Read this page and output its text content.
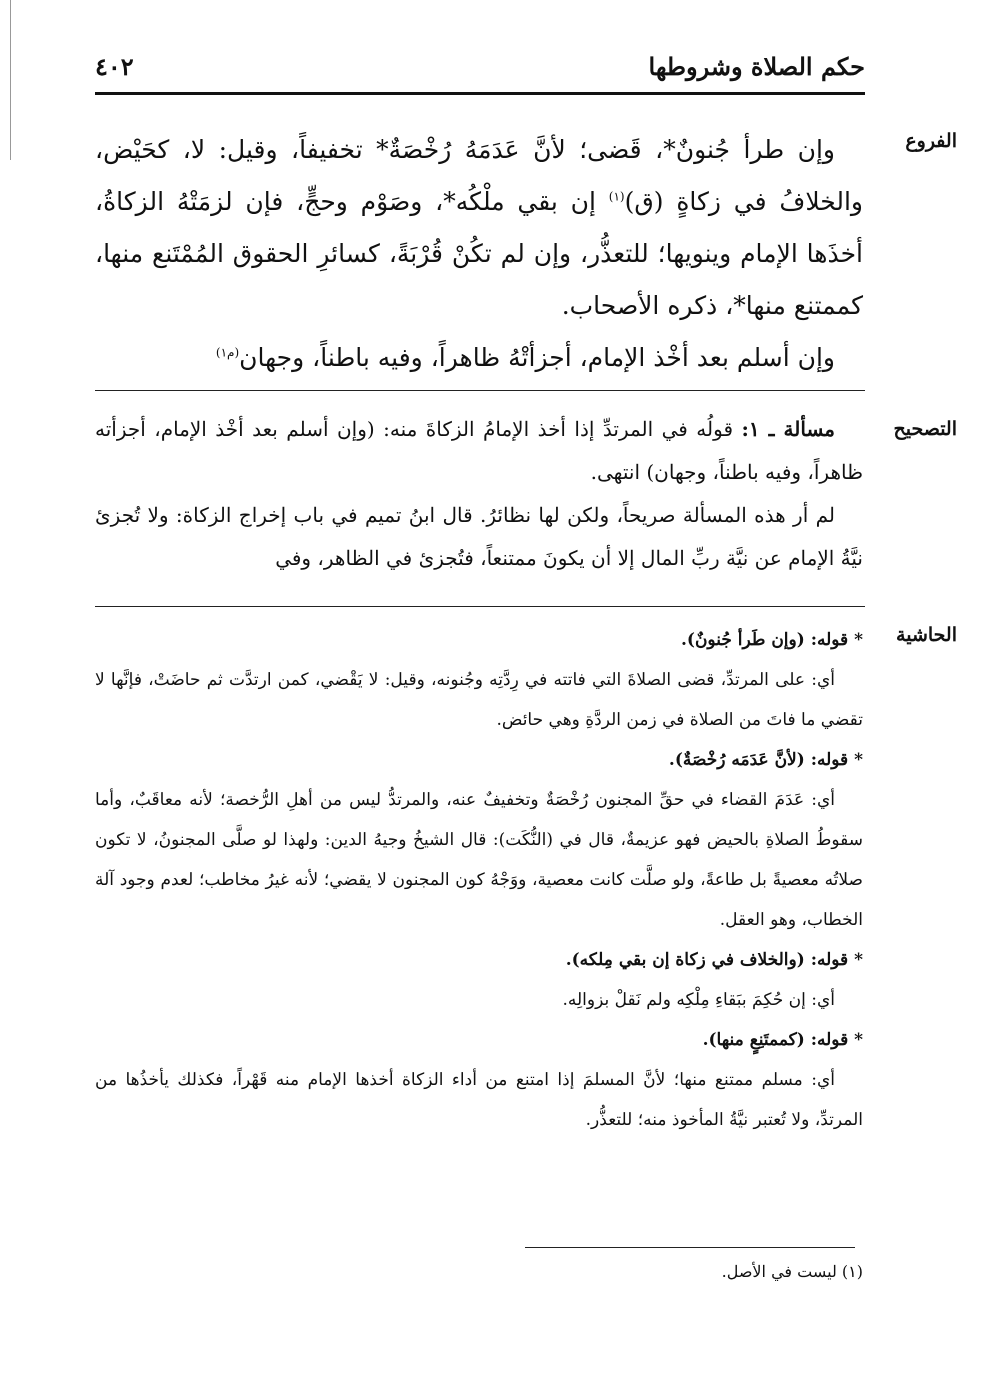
حكم الصلاة وشروطها
٤٠٢
الفروع

وإن طرأ جُنونٌ*، قَضى؛ لأنَّ عَدَمَهُ رُخْصَةٌ* تخفيفاً، وقيل: لا، كحَيْض، والخلافُ في زكاةٍ (ق)$^{(١)}$ إن بقي ملْكُه*، وصَوْم وحجٍّ، فإن لزمَتْهُ الزكاةُ، أخذَها الإمام وينويها؛ للتعذُّر، وإن لم تكُنْ قُرْبَةً، كسائرِ الحقوق المُمْتَنع منها، كممتنع منها*، ذكره الأصحاب.

وإن أسلم بعد أخْذ الإمام، أجزأتْهُ ظاهراً، وفيه باطناً، وجهان$^{(م١)}$

التصحيح

مسألة ـ ١: قولُه في المرتدِّ إذا أخذ الإمامُ الزكاةَ منه: (وإن أسلم بعد أخْذ الإمام، أجزأته ظاهراً، وفيه باطناً، وجهان) انتهى.

لم أر هذه المسألة صريحاً، ولكن لها نظائرُ. قال ابنُ تميم في باب إخراج الزكاة: ولا تُجزئ نيَّةُ الإمام عن نيَّة ربِّ المال إلا أن يكونَ ممتنعاً، فتُجزئ في الظاهر، وفي

الحاشية

* قوله: (وإن طَرأ جُنونٌ).

أي: على المرتدِّ، قضى الصلاةَ التي فاتته في رِدَّتِه وجُنونه، وقيل: لا يَقْضي، كمن ارتدَّت ثم حاضَتْ، فإنَّها لا تقضي ما فاتَ من الصلاة في زمن الردَّةِ وهي حائض.

* قوله: (لأنَّ عَدَمَه رُخْصَةٌ).

أي: عَدَمَ القضاء في حقِّ المجنون رُخْصَةٌ وتخفيفٌ عنه، والمرتدُّ ليس من أهلِ الرُّخصة؛ لأنه معاقَبٌ، وأما سقوطُ الصلاةِ بالحيض فهو عزيمةٌ، قال في (النُّكَت): قال الشيخُ وجيهُ الدين: ولهذا لو صلَّى المجنونُ، لا تكون صلاتُه معصيةً بل طاعةً، ولو صلَّت كانت معصية، ووَجْهُ كون المجنون لا يقضي؛ لأنه غيرُ مخاطب؛ لعدم وجود آلة الخطاب، وهو العقل.

* قوله: (والخلاف في زكاة إن بقي مِلكه).

أي: إن حُكِمَ ببَقاءِ مِلْكِه ولم نَقلْ بزوالِه.

* قوله: (كممتَنِعٍ منها).

أي: مسلم ممتنع منها؛ لأنَّ المسلمَ إذا امتنع من أداء الزكاة أخذها الإمام منه قَهْراً، فكذلك يأخذُها من المرتدِّ، ولا تُعتبر نيَّةُ المأخوذ منه؛ للتعذُّر.

(١) ليست في الأصل.
